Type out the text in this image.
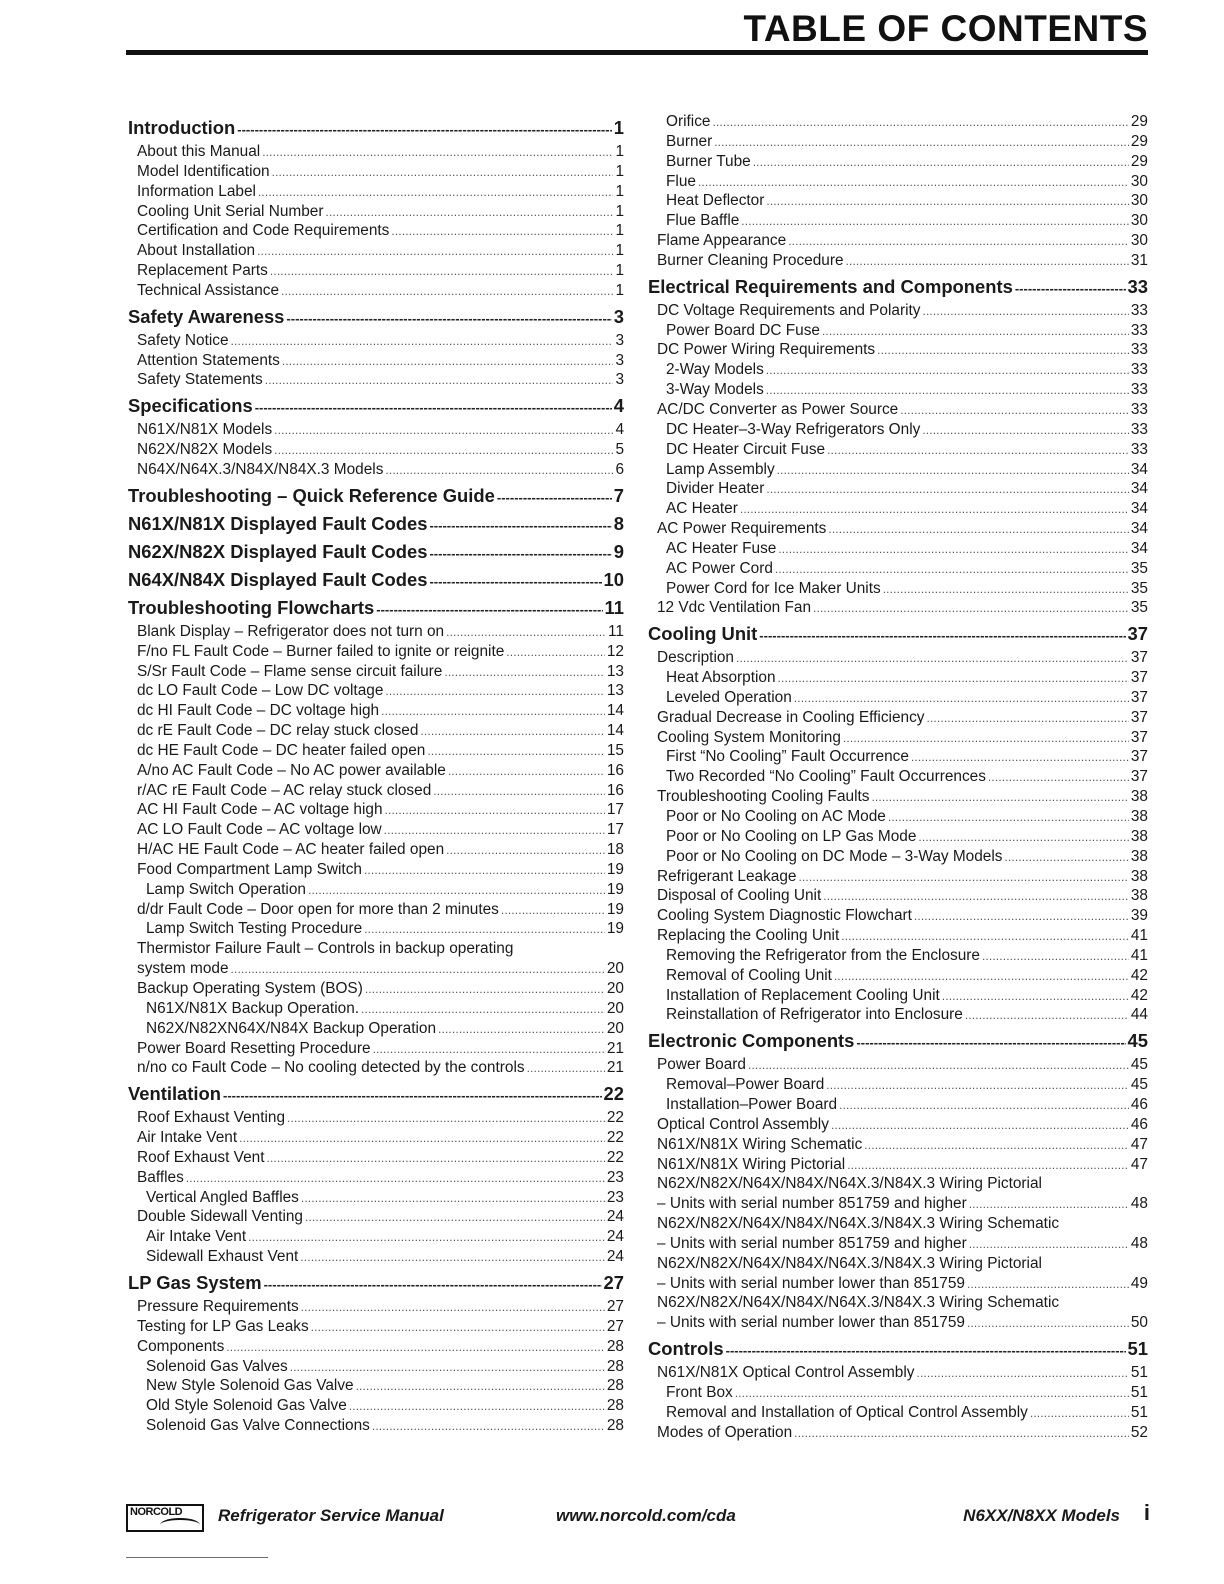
TABLE OF CONTENTS
Introduction -----	1
About this Manual . . .	1
Model Identification . . .	1
Information Label . . .	1
Cooling Unit Serial Number . . .	1
Certification and Code Requirements . . .	1
About Installation . . .	1
Replacement Parts . . .	1
Technical Assistance . . .	1
Safety Awareness -----	3
Safety Notice . . .	3
Attention Statements . . .	3
Safety Statements . . .	3
Specifications -----	4
N61X/N81X Models . . .	4
N62X/N82X Models . . .	5
N64X/N64X.3/N84X/N84X.3 Models . . .	6
Troubleshooting – Quick Reference Guide -----	7
N61X/N81X Displayed Fault Codes -----	8
N62X/N82X Displayed Fault Codes -----	9
N64X/N84X Displayed Fault Codes -----	10
Troubleshooting Flowcharts -----	11
Blank Display – Refrigerator does not turn on . . .	11
F/no FL Fault Code – Burner failed to ignite or reignite . . .	12
S/Sr Fault Code – Flame sense circuit failure . . .	13
dc LO Fault Code – Low DC voltage . . .	13
dc HI Fault Code – DC voltage high . . .	14
dc rE Fault Code – DC relay stuck closed . . .	14
dc HE Fault Code – DC heater failed open . . .	15
A/no AC Fault Code – No AC power available . . .	16
r/AC rE Fault Code – AC relay stuck closed . . .	16
AC HI Fault Code – AC voltage high . . .	17
AC LO Fault Code – AC voltage low . . .	17
H/AC HE Fault Code – AC heater failed open . . .	18
Food Compartment Lamp Switch . . .	19
Lamp Switch Operation . . .	19
d/dr Fault Code – Door open for more than 2 minutes . . .	19
Lamp Switch Testing Procedure . . .	19
Thermistor Failure Fault – Controls in backup operating
system mode . . .	20
Backup Operating System (BOS) . . .	20
N61X/N81X Backup Operation. . . .	20
N62X/N82XN64X/N84X Backup Operation . . .	20
Power Board Resetting Procedure . . .	21
n/no co Fault Code – No cooling detected by the controls . . .	21
Ventilation -----	22
Roof Exhaust Venting . . .	22
Air Intake Vent . . .	22
Roof Exhaust Vent . . .	22
Baffles . . .	23
Vertical Angled Baffles . . .	23
Double Sidewall Venting . . .	24
Air Intake Vent . . .	24
Sidewall Exhaust Vent . . .	24
LP Gas System -----	27
Pressure Requirements . . .	27
Testing for LP Gas Leaks . . .	27
Components . . .	28
Solenoid Gas Valves . . .	28
New Style Solenoid Gas Valve . . .	28
Old Style Solenoid Gas Valve . . .	28
Solenoid Gas Valve Connections . . .	28
Orifice . . .	29
Burner . . .	29
Burner Tube . . .	29
Flue . . .	30
Heat Deflector . . .	30
Flue Baffle . . .	30
Flame Appearance . . .	30
Burner Cleaning Procedure . . .	31
Electrical Requirements and Components -----	33
DC Voltage Requirements and Polarity . . .	33
Power Board DC Fuse . . .	33
DC Power Wiring Requirements . . .	33
2-Way Models . . .	33
3-Way Models . . .	33
AC/DC Converter as Power Source . . .	33
DC Heater–3-Way Refrigerators Only . . .	33
DC Heater Circuit Fuse . . .	33
Lamp Assembly . . .	34
Divider Heater . . .	34
AC Heater . . .	34
AC Power Requirements . . .	34
AC Heater Fuse . . .	34
AC Power Cord . . .	35
Power Cord for Ice Maker Units . . .	35
12 Vdc Ventilation Fan . . .	35
Cooling Unit -----	37
Description . . .	37
Heat Absorption . . .	37
Leveled Operation . . .	37
Gradual Decrease in Cooling Efficiency . . .	37
Cooling System Monitoring . . .	37
First “No Cooling” Fault Occurrence . . .	37
Two Recorded “No Cooling” Fault Occurrences . . .	37
Troubleshooting Cooling Faults . . .	38
Poor or No Cooling on AC Mode . . .	38
Poor or No Cooling on LP Gas Mode . . .	38
Poor or No Cooling on DC Mode – 3-Way Models . . .	38
Refrigerant Leakage . . .	38
Disposal of Cooling Unit . . .	38
Cooling System Diagnostic Flowchart . . .	39
Replacing the Cooling Unit . . .	41
Removing the Refrigerator from the Enclosure . . .	41
Removal of Cooling Unit . . .	42
Installation of Replacement Cooling Unit . . .	42
Reinstallation of Refrigerator into Enclosure . . .	44
Electronic Components -----	45
Power Board . . .	45
Removal–Power Board . . .	45
Installation–Power Board . . .	46
Optical Control Assembly . . .	46
N61X/N81X Wiring Schematic . . .	47
N61X/N81X Wiring Pictorial . . .	47
N62X/N82X/N64X/N84X/N64X.3/N84X.3 Wiring Pictorial
– Units with serial number 851759 and higher . . .	48
N62X/N82X/N64X/N84X/N64X.3/N84X.3 Wiring Schematic
– Units with serial number 851759 and higher . . .	48
N62X/N82X/N64X/N84X/N64X.3/N84X.3 Wiring Pictorial
– Units with serial number lower than 851759 . . .	49
N62X/N82X/N64X/N84X/N64X.3/N84X.3 Wiring Schematic
– Units with serial number lower than 851759 . . .	50
Controls -----	51
N61X/N81X Optical Control Assembly . . .	51
Front Box . . .	51
Removal and Installation of Optical Control Assembly . . .	51
Modes of Operation . . .	52
NORCOLD Refrigerator Service Manual	www.norcold.com/cda	N6XX/N8XX Models i
